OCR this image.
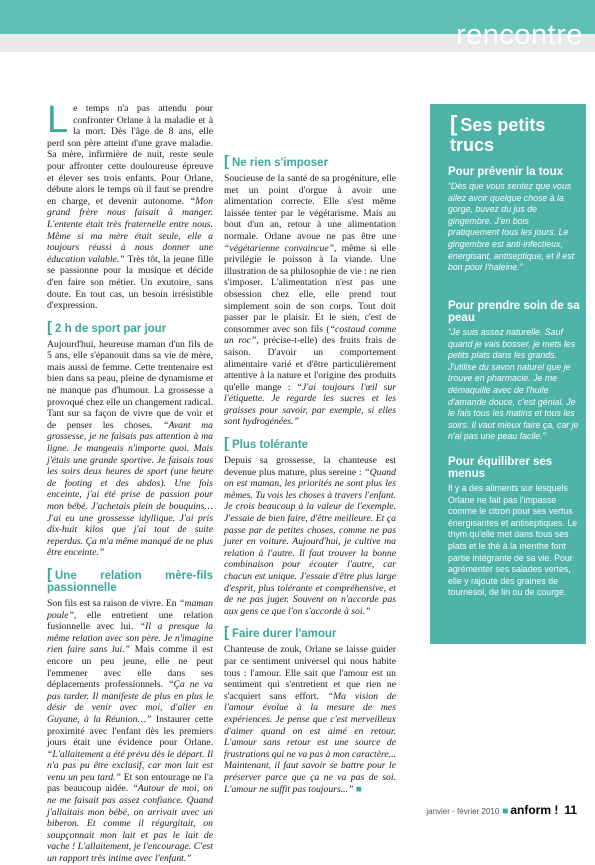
rencontre

Le temps n'a pas attendu pour confronter Orlane à la maladie et à la mort. Dès l'âge de 8 ans, elle perd son père atteint d'une grave maladie. Sa mère, infirmière de nuit, reste seule pour affronter cette douloureuse épreuve et élever ses trois enfants. Pour Orlane, débute alors le temps où il faut se prendre en charge, et devenir autonome. “Mon grand frère nous faisait à manger. L'entente était très fraternelle entre nous. Même si ma mère était seule, elle a toujours réussi à nous donner une éducation valable.” Très tôt, la jeune fille se passionne pour la musique et décide d'en faire son métier. Un exutoire, sans doute. En tout cas, un besoin irrésistible d'expression.

[ 2 h de sport par jour

Aujourd'hui, heureuse maman d'un fils de 5 ans, elle s'épanouit dans sa vie de mère, mais aussi de femme. Cette trentenaire est bien dans sa peau, pleine de dynamisme et ne manque pas d'humour. La grossesse a provoqué chez elle un changement radical. Tant sur sa façon de vivre que de voir et de penser les choses. “Avant ma grossesse, je ne faisais pas attention à ma ligne. Je mangeais n'importe quoi. Mais j'étais une grande sportive. Je faisais tous les soirs deux heures de sport (une heure de footing et des abdos). Une fois enceinte, j'ai été prise de passion pour mon bébé. J'achetais plein de bouquins… J'ai eu une grossesse idyllique. J'ai pris dix-huit kilos que j'ai tout de suite reperdus. Ça m'a même manqué de ne plus être enceinte.”

[ Une relation mère-fils passionnelle

Son fils est sa raison de vivre. En “maman poule”, elle entretient une relation fusionnelle avec lui. “Il a presque la même relation avec son père. Je n'imagine rien faire sans lui.” Mais comme il est encore un peu jeune, elle ne peut l'emmener avec elle dans ses déplacements professionnels. “Ça ne va pas tarder. Il manifeste de plus en plus le désir de venir avec moi, d'aller en Guyane, à la Réunion…” Instaurer cette proximité avec l'enfant dès les premiers jours était une évidence pour Orlane. “L'allaitement a été prévu dès le départ. Il n'a pas pu être exclusif, car mon lait est venu un peu tard.” Et son entourage ne l'a pas beaucoup aidée. “Autour de moi, on ne me faisait pas assez confiance. Quand j'allaitais mon bébé, on arrivait avec un biberon. Et comme il régurgitait, on soupçonnait mon lait et pas le lait de vache ! L'allaitement, je l'encourage. C'est un rapport très intime avec l'enfant.”

[ Ne rien s'imposer

Soucieuse de la santé de sa progéniture, elle met un point d'orgue à avoir une alimentation correcte. Elle s'est même laissée tenter par le végétarisme. Mais au bout d'un an, retour à une alimentation normale. Orlane avoue ne pas être une “végétarienne convaincue”, même si elle privilégie le poisson à la viande. Une illustration de sa philosophie de vie : ne rien s'imposer. L'alimentation n'est pas une obsession chez elle, elle prend tout simplement soin de son corps. Tout doit passer par le plaisir. Et le sien, c'est de consommer avec son fils (“costaud comme un roc”, précise-t-elle) des fruits frais de saison. D'avoir un comportement alimentaire varié et d'être particulièrement attentive à la nature et l'origine des produits qu'elle mange : “J'ai toujours l'œil sur l'étiquette. Je regarde les sucres et les graisses pour savoir, par exemple, si elles sont hydrogénées.”

[ Plus tolérante

Depuis sa grossesse, la chanteuse est devenue plus mature, plus sereine : “Quand on est maman, les priorités ne sont plus les mêmes. Tu vois les choses à travers l'enfant. Je crois beaucoup à la valeur de l'exemple. J'essaie de bien faire, d'être meilleure. Et ça passe par de petites choses, comme ne pas jurer en voiture. Aujourd'hui, je cultive ma relation à l'autre. Il faut trouver la bonne combinaison pour écouter l'autre, car chacun est unique. J'essaie d'être plus large d'esprit, plus tolérante et compréhensive, et de ne pas juger. Souvent on n'accorde pas aux gens ce que l'on s'accorde à soi.”

[ Faire durer l'amour

Chanteuse de zouk, Orlane se laisse guider par ce sentiment universel qui nous habite tous : l'amour. Elle sait que l'amour est un sentiment qui s'entretient et que rien ne s'acquiert sans effort. “Ma vision de l'amour évolue à la mesure de mes expériences. Je pense que c'est merveilleux d'aimer quand on est aimé en retour. L'amour sans retour est une source de frustrations qui ne va pas à mon caractère... Maintenant, il faut savoir se battre pour le préserver parce que ça ne va pas de soi. L'amour ne suffit pas toujours...” ■

[ Ses petits trucs
Pour prévenir la toux
“Dès que vous sentez que vous allez avoir quelque chose à la gorge, buvez du jus de gingembre. J'en bois pratiquement tous les jours. Le gingembre est anti-infectieux, énergisant, antiseptique, et il est bon pour l'haleine.”
Pour prendre soin de sa peau
“Je suis assez naturelle. Sauf quand je vais bosser, je mets les petits plats dans les grands. J'utilise du savon naturel que je trouve en pharmacie. Je me démaquille avec de l'huile d'amande douce, c'est génial. Je le fais tous les matins et tous les soirs. Il vaut mieux faire ça, car je n'ai pas une peau facile.”
Pour équilibrer ses menus
Il y a des aliments sur lesquels Orlane ne fait pas l'impasse comme le citron pour ses vertus énergisantes et antiseptiques. Le thym qu'elle met dans tous ses plats et le thé à la menthe font partie intégrante de sa vie. Pour agrémenter ses salades vertes, elle y rajoute des graines de tournesol, de lin ou de courge.
janvier - février 2010 ■ anform ! 11
